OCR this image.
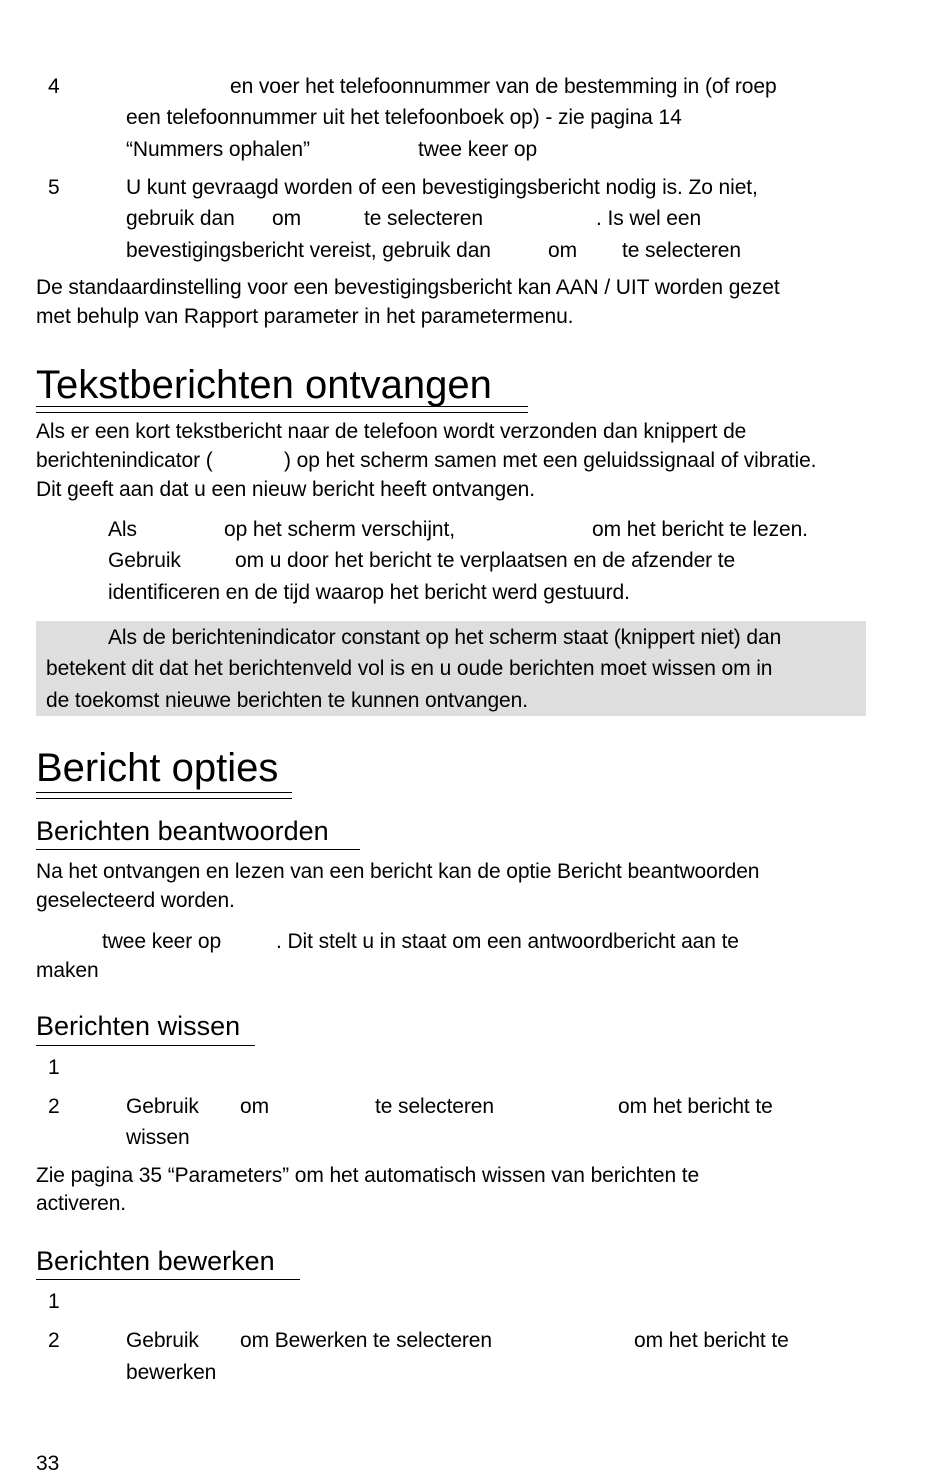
4	en voer het telefoonnummer van de bestemming in (of roep
een telefoonnummer uit het telefoonboek op) - zie pagina 14
“Nummers ophalen”	twee keer op
5	U kunt gevraagd worden of een bevestigingsbericht nodig is. Zo niet,
gebruik dan om	te selecteren	. Is wel een
bevestigingsbericht vereist, gebruik dan	om te selecteren
De standaardinstelling voor een bevestigingsbericht kan AAN / UIT worden gezet
met behulp van Rapport parameter in het parametermenu.
Tekstberichten ontvangen
Als er een kort tekstbericht naar de telefoon wordt verzonden dan knippert de
berichtenindicator (	) op het scherm samen met een geluidssignaal of vibratie.
Dit geeft aan dat u een nieuw bericht heeft ontvangen.
Als	op het scherm verschijnt,	om het bericht te lezen.
Gebruik	om u door het bericht te verplaatsen en de afzender te
identificeren en de tijd waarop het bericht werd gestuurd.
Als de berichtenindicator constant op het scherm staat (knippert niet) dan
betekent dit dat het berichtenveld vol is en u oude berichten moet wissen om in
de toekomst nieuwe berichten te kunnen ontvangen.
Bericht opties
Berichten beantwoorden
Na het ontvangen en lezen van een bericht kan de optie Bericht beantwoorden
geselecteerd worden.
twee keer op	. Dit stelt u in staat om een antwoordbericht aan te
maken
Berichten wissen
1
2	Gebruik om	te selecteren	om het bericht te
wissen
Zie pagina 35 “Parameters” om het automatisch wissen van berichten te
activeren.
Berichten bewerken
1
2	Gebruik om Bewerken te selecteren	om het bericht te
bewerken
33
